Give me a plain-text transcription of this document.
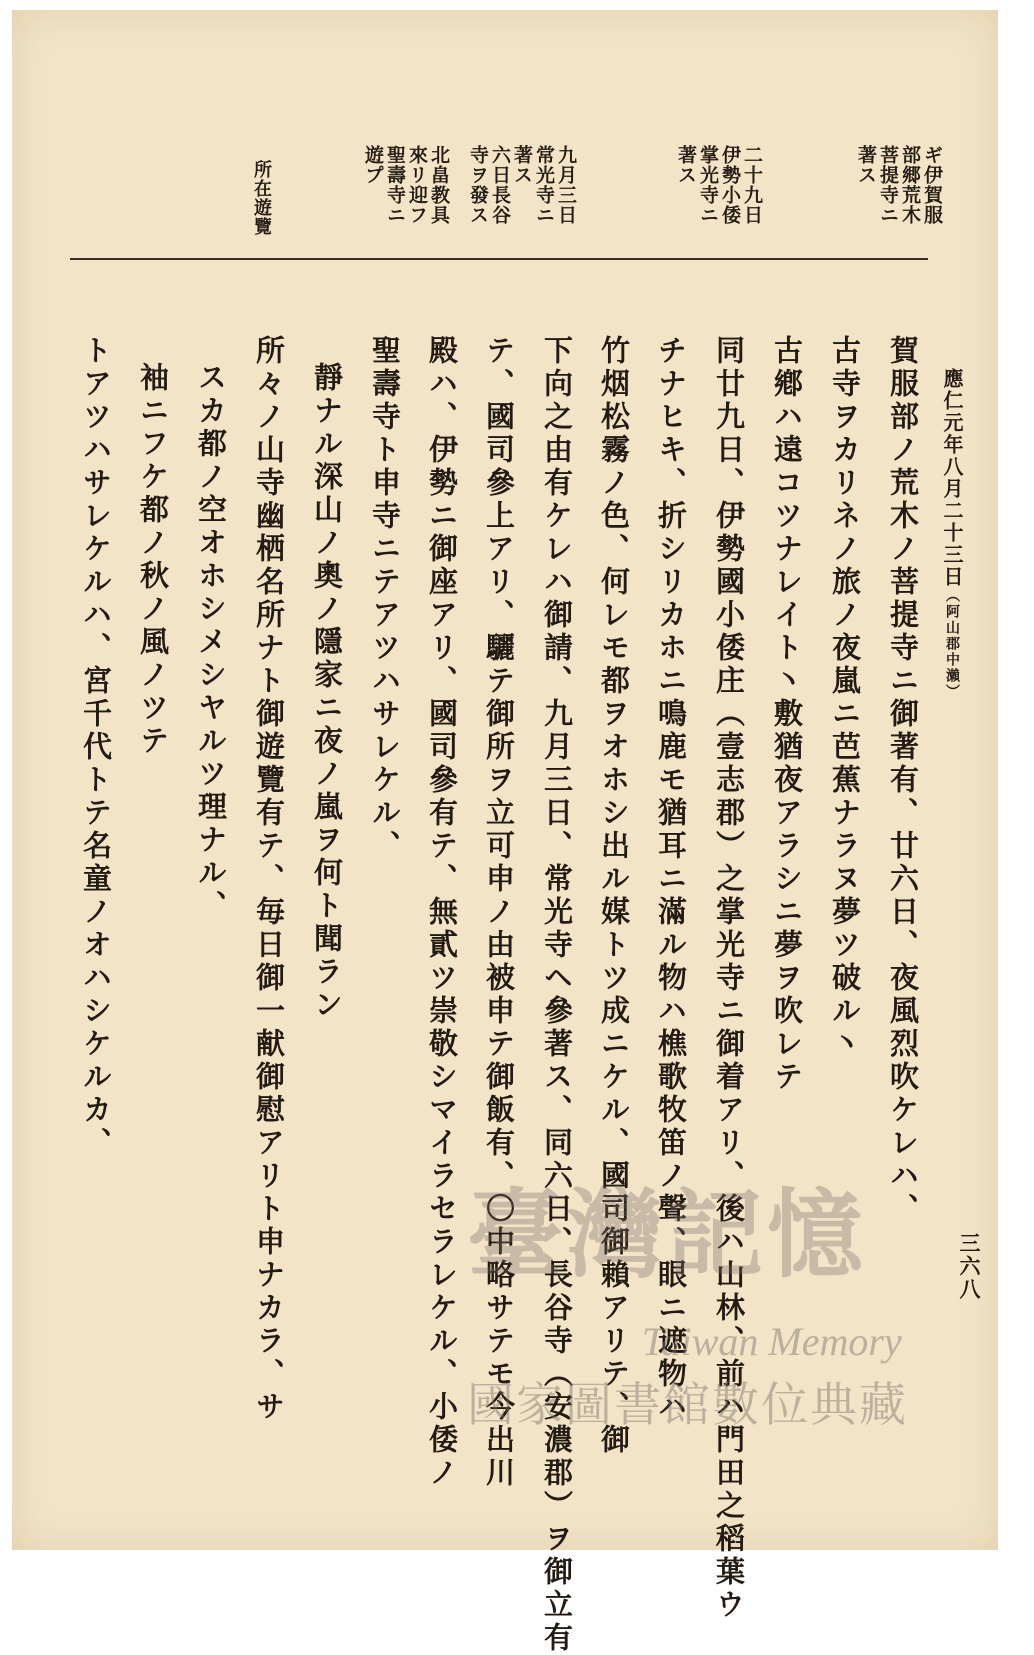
三六八
ギ伊賀服
部郷荒木
菩提寺ニ
著ス
二十九日
伊勢小倭
掌光寺ニ
著ス
九月三日
常光寺ニ
著ス
六日長谷
寺ヲ發ス
北畠教具
來リ迎フ
聖壽寺ニ
遊プ
所在遊覽
應仁元年八月二十三日（阿山郡中瀨）
賀服部ノ荒木ノ菩提寺ニ御著有、廿六日、夜風烈吹ケレハ、
古寺ヲカリネノ旅ノ夜嵐ニ芭蕉ナラヌ夢ツ破ル丶
古鄕ハ遠コツナレイト丶敷猶夜アラシニ夢ヲ吹レテ
同廿九日、伊勢國小倭庄（壹志郡）之掌光寺ニ御着アリ、後ハ山林、前ハ門田之稻葉ウ
チナヒキ、折シリカホニ鳴鹿モ猶耳ニ滿ル物ハ樵歌牧笛ノ聲、眼ニ遮物ハ
竹烟松霧ノ色、何レモ都ヲオホシ出ル媒トツ成ニケル、國司御賴アリテ、御
下向之由有ケレハ御請、九月三日、常光寺ヘ參著ス、同六日、長谷寺（安濃郡）ヲ御立有
テ、國司參上アリ、驪テ御所ヲ立可申ノ由被申テ御飯有、〇中略サテモ今出川
殿ハ、伊勢ニ御座アリ、國司參有テ、無貳ツ崇敬シマイラセラレケル、小倭ノ
聖壽寺ト申寺ニテアツハサレケル、
靜ナル深山ノ奧ノ隱家ニ夜ノ嵐ヲ何ト聞ラン
所々ノ山寺幽栖名所ナト御遊覽有テ、毎日御一献御慰アリト申ナカラ、サ
スカ都ノ空オホシメシヤルツ理ナル、
袖ニフケ都ノ秋ノ風ノツテ
トアツハサレケルハ、宮千代トテ名童ノオハシケルカ、
臺灣記憶
Taiwan Memory
國家圖書館數位典藏
